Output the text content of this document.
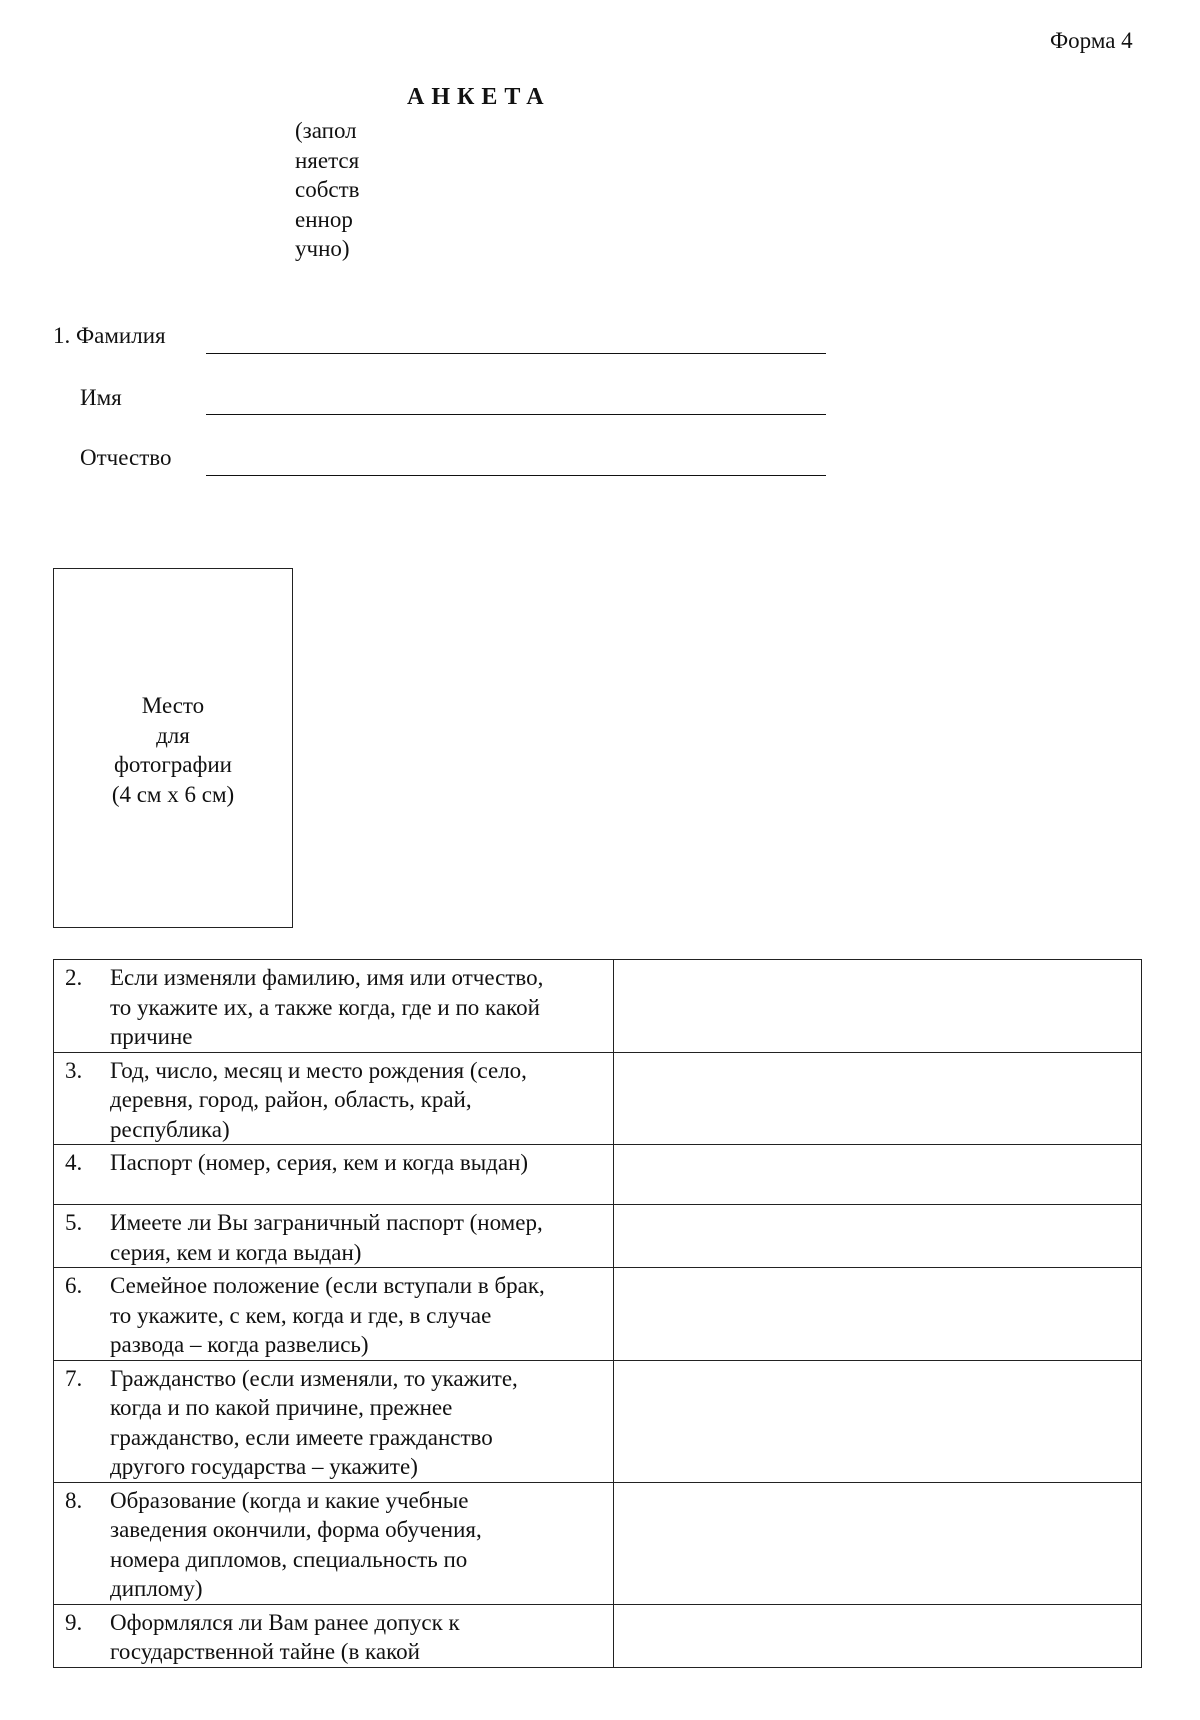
Форма 4
АНКЕТА
(запол
няется
собств
еннор
учно)
1. Фамилия
Имя
Отчество
Место
для
фотографии
(4 см х 6 см)
2. Если изменяли фамилию, имя или отчество,
то укажите их, а также когда, где и по какой
причине	

3. Год, число, месяц и место рождения (село,
деревня, город, район, область, край,
республика)	

4. Паспорт (номер, серия, кем и когда выдан)	

5. Имеете ли Вы заграничный паспорт (номер,
серия, кем и когда выдан)	

6. Семейное положение (если вступали в брак,
то укажите, с кем, когда и где, в случае
развода – когда развелись)	

7. Гражданство (если изменяли, то укажите,
когда и по какой причине, прежнее
гражданство, если имеете гражданство
другого государства – укажите)	

8. Образование (когда и какие учебные
заведения окончили, форма обучения,
номера дипломов, специальность по
диплому)	

9. Оформлялся ли Вам ранее допуск к
государственной тайне (в какой	
